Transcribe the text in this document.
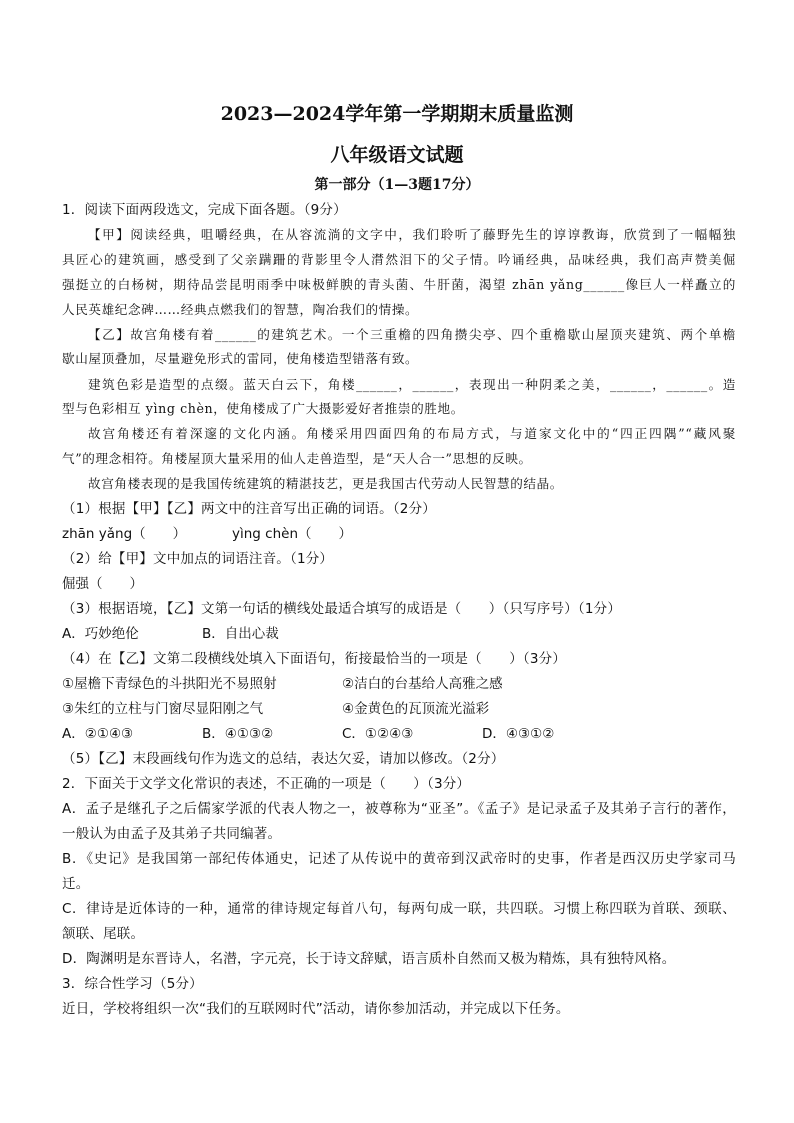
2023—2024学年第一学期期末质量监测
八年级语文试题
第一部分（1—3题17分）
1．阅读下面两段选文，完成下面各题。（9分）
【甲】阅读经典，咀嚼经典，在从容流淌的文字中，我们聆听了藤野先生的谆谆教诲，欣赏到了一幅幅独
具匠心的建筑画，感受到了父亲蹒跚的背影里令人潸然泪下的父子情。吟诵经典，品味经典，我们高声赞美倔
强挺立的白杨树，期待品尝昆明雨季中味极鲜腴的青头菌、牛肝菌，渴望 zhān yǎng______像巨人一样矗立的
人民英雄纪念碑……经典点燃我们的智慧，陶冶我们的情操。
【乙】故宫角楼有着______的建筑艺术。一个三重檐的四角攒尖亭、四个重檐歇山屋顶夹建筑、两个单檐
歇山屋顶叠加，尽量避免形式的雷同，使角楼造型错落有致。
建筑色彩是造型的点缀。蓝天白云下，角楼______，______，表现出一种阴柔之美，______，______。造
型与色彩相互 yìng chèn，使角楼成了广大摄影爱好者推崇的胜地。
故宫角楼还有着深邃的文化内涵。角楼采用四面四角的布局方式，与道家文化中的“四正四隅”“藏风聚
气”的理念相符。角楼屋顶大量采用的仙人走兽造型，是“天人合一”思想的反映。
故宫角楼表现的是我国传统建筑的精湛技艺，更是我国古代劳动人民智慧的结晶。
（1）根据【甲】【乙】两文中的注音写出正确的词语。（2分）
zhān yǎng（　　）	yìng chèn（　　）
（2）给【甲】文中加点的词语注音。（1分）
倔强（　　）
（3）根据语境，【乙】文第一句话的横线处最适合填写的成语是（　　）（只写序号）（1分）
A．巧妙绝伦	B．自出心裁
（4）在【乙】文第二段横线处填入下面语句，衔接最恰当的一项是（　　）（3分）
①屋檐下青绿色的斗拱阳光不易照射	②洁白的台基给人高雅之感
③朱红的立柱与门窗尽显阳刚之气	④金黄色的瓦顶流光溢彩
A．②①④③	B．④①③②	C．①②④③	D．④③①②
（5）【乙】末段画线句作为选文的总结，表达欠妥，请加以修改。（2分）
2．下面关于文学文化常识的表述，不正确的一项是（　　）（3分）
A．孟子是继孔子之后儒家学派的代表人物之一，被尊称为“亚圣”。《孟子》是记录孟子及其弟子言行的著作，
一般认为由孟子及其弟子共同编著。
B．《史记》是我国第一部纪传体通史，记述了从传说中的黄帝到汉武帝时的史事，作者是西汉历史学家司马
迁。
C．律诗是近体诗的一种，通常的律诗规定每首八句，每两句成一联，共四联。习惯上称四联为首联、颈联、
颔联、尾联。
D．陶渊明是东晋诗人，名潜，字元亮，长于诗文辞赋，语言质朴自然而又极为精炼，具有独特风格。
3．综合性学习（5分）
近日，学校将组织一次“我们的互联网时代”活动，请你参加活动，并完成以下任务。
